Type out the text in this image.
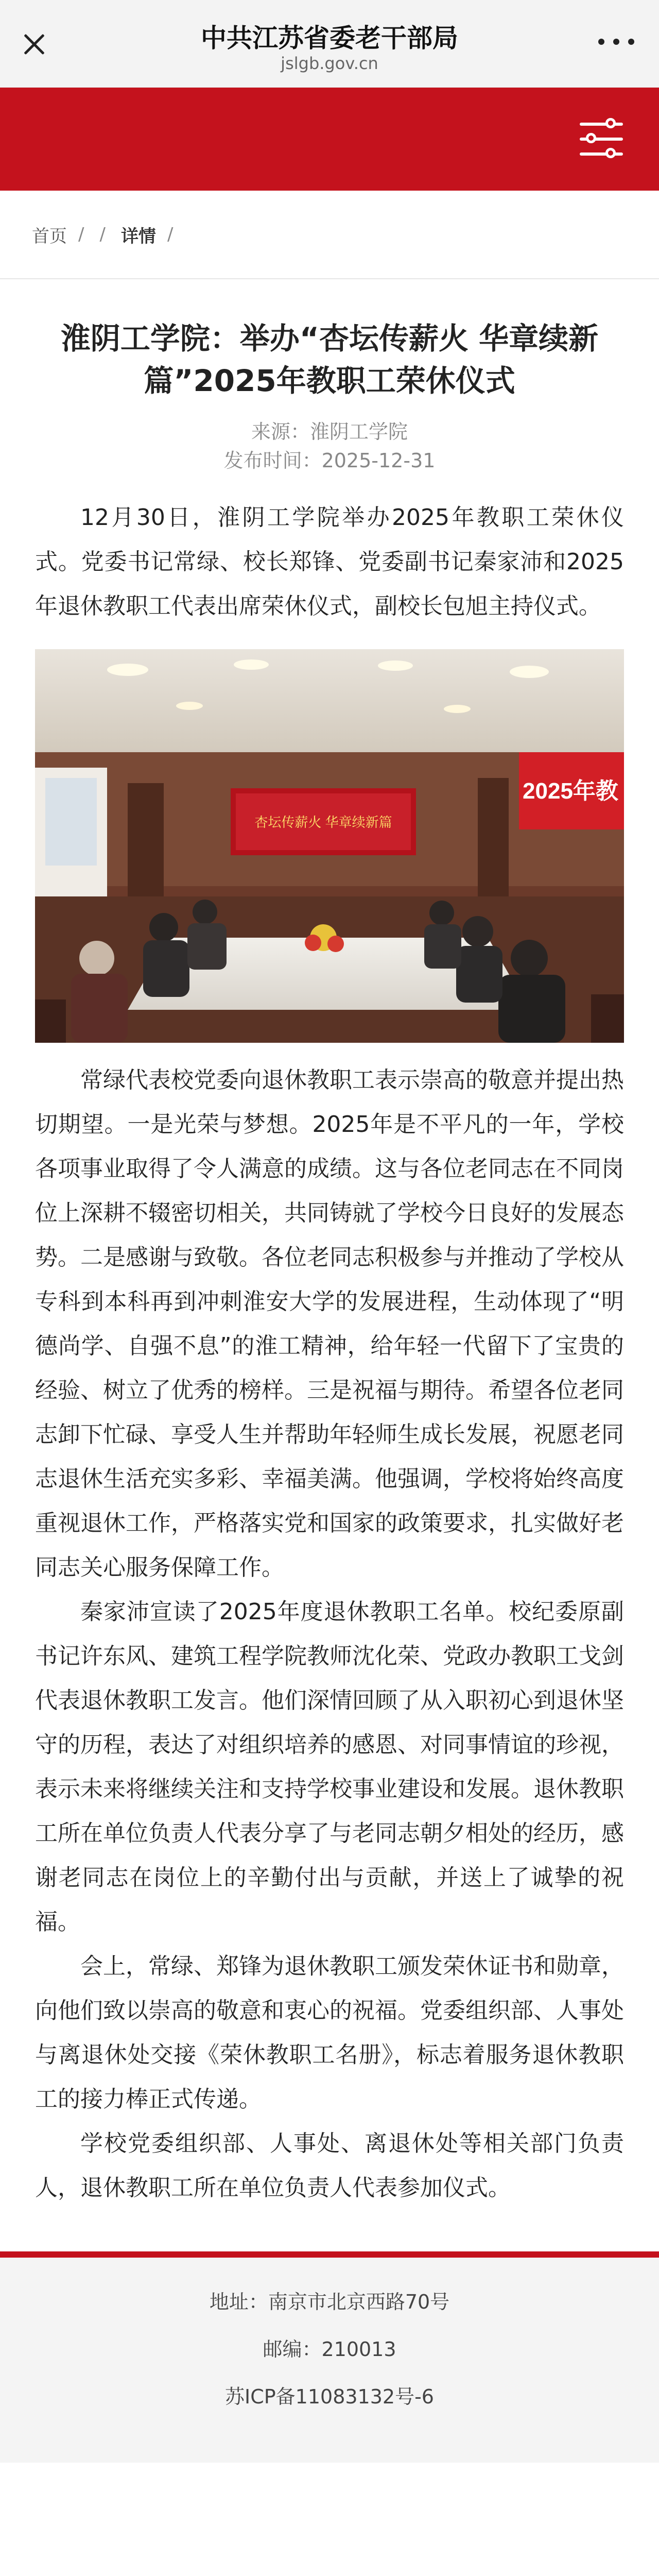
中共江苏省委老干部局
jslgb.gov.cn
首页 / / 详情 /
淮阴工学院：举办“杏坛传薪火 华章续新篇”2025年教职工荣休仪式
来源：淮阴工学院
发布时间：2025-12-31

12月30日，淮阴工学院举办2025年教职工荣休仪式。党委书记常绿、校长郑锋、党委副书记秦家沛和2025年退休教职工代表出席荣休仪式，副校长包旭主持仪式。

杏坛传薪火 华章续新篇
2025年教

常绿代表校党委向退休教职工表示崇高的敬意并提出热切期望。一是光荣与梦想。2025年是不平凡的一年，学校各项事业取得了令人满意的成绩。这与各位老同志在不同岗位上深耕不辍密切相关，共同铸就了学校今日良好的发展态势。二是感谢与致敬。各位老同志积极参与并推动了学校从专科到本科再到冲刺淮安大学的发展进程，生动体现了“明德尚学、自强不息”的淮工精神，给年轻一代留下了宝贵的经验、树立了优秀的榜样。三是祝福与期待。希望各位老同志卸下忙碌、享受人生并帮助年轻师生成长发展，祝愿老同志退休生活充实多彩、幸福美满。他强调，学校将始终高度重视退休工作，严格落实党和国家的政策要求，扎实做好老同志关心服务保障工作。

秦家沛宣读了2025年度退休教职工名单。校纪委原副书记许东风、建筑工程学院教师沈化荣、党政办教职工戈剑代表退休教职工发言。他们深情回顾了从入职初心到退休坚守的历程，表达了对组织培养的感恩、对同事情谊的珍视，表示未来将继续关注和支持学校事业建设和发展。退休教职工所在单位负责人代表分享了与老同志朝夕相处的经历，感谢老同志在岗位上的辛勤付出与贡献，并送上了诚挚的祝福。

会上，常绿、郑锋为退休教职工颁发荣休证书和勋章，向他们致以崇高的敬意和衷心的祝福。党委组织部、人事处与离退休处交接《荣休教职工名册》，标志着服务退休教职工的接力棒正式传递。

学校党委组织部、人事处、离退休处等相关部门负责人，退休教职工所在单位负责人代表参加仪式。

地址：南京市北京西路70号
邮编：210013
苏ICP备11083132号-6
